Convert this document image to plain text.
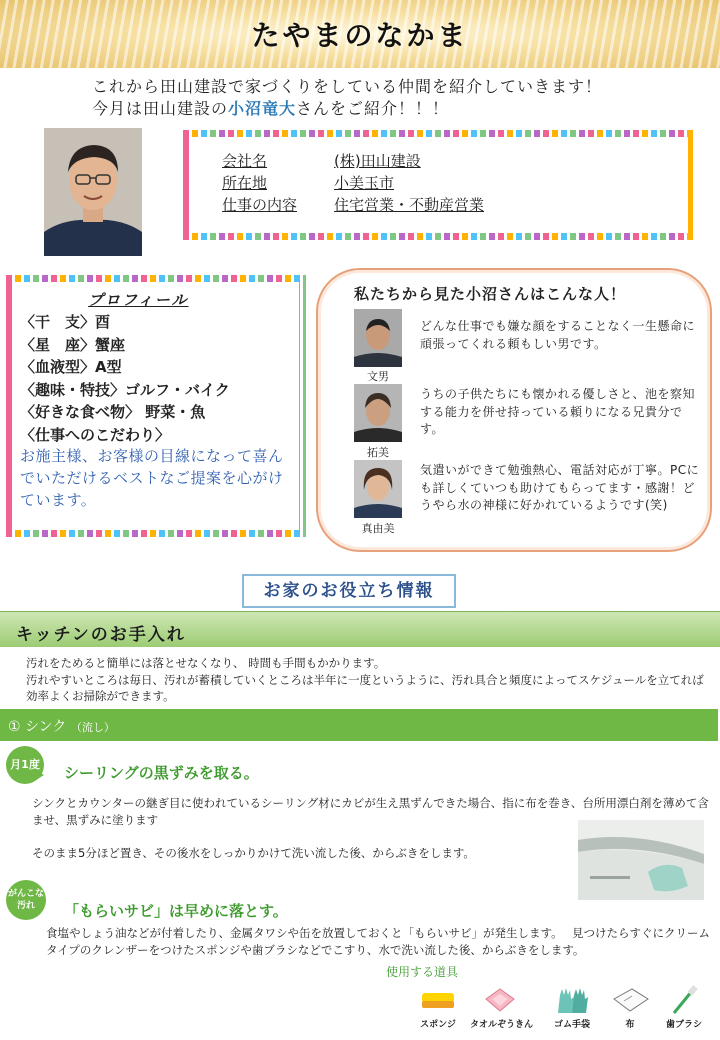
たやまのなかま
これから田山建設で家づくりをしている仲間を紹介していきます！
今月は田山建設の小沼竜大さんをご紹介！！！
会社名	(株)田山建設
所在地	小美玉市
仕事の内容	住宅営業・不動産営業
プロフィール
〈干　支〉酉
〈星　座〉蟹座
〈血液型〉A型
〈趣味・特技〉ゴルフ・バイク
〈好きな食べ物〉 野菜・魚
〈仕事へのこだわり〉
お施主様、お客様の目線になって喜んでいただけるベストなご提案を心がけています。
私たちから見た小沼さんはこんな人！
文男
どんな仕事でも嫌な顔をすることなく一生懸命に頑張ってくれる頼もしい男です。
拓美
うちの子供たちにも懐かれる優しさと、池を察知する能力を併せ持っている頼りになる兄貴分です。
真由美
気遣いができて勉強熱心、電話対応が丁寧。PCにも詳しくていつも助けてもらってます・感謝！どうやら水の神様に好かれているようです(笑)
お家のお役立ち情報
キッチンのお手入れ
汚れをためると簡単には落とせなくなり、 時間も手間もかかります。
汚れやすいところは毎日、汚れが蓄積していくところは半年に一度というように、汚れ具合と頻度によってスケジュールを立てれば効率よくお掃除ができます。
① シンク （流し）
月1度 シーリングの黒ずみを取る。
シンクとカウンターの継ぎ目に使われているシーリング材にカビが生え黒ずんできた場合、指に布を巻き、台所用漂白剤を薄めて含ませ、黒ずみに塗ります
そのまま5分ほど置き、その後水をしっかりかけて洗い流した後、からぶきをします。
がんこな
汚れ	「もらいサビ」は早めに落とす。
食塩やしょう油などが付着したり、金属タワシや缶を放置しておくと「もらいサビ」が発生します。　 見つけたらすぐにクリームタイプのクレンザーをつけたスポンジや歯ブラシなどでこすり、水で洗い流した後、からぶきをします。
使用する道具
スポンジ	タオルぞうきん	ゴム手袋	布	歯ブラシ
